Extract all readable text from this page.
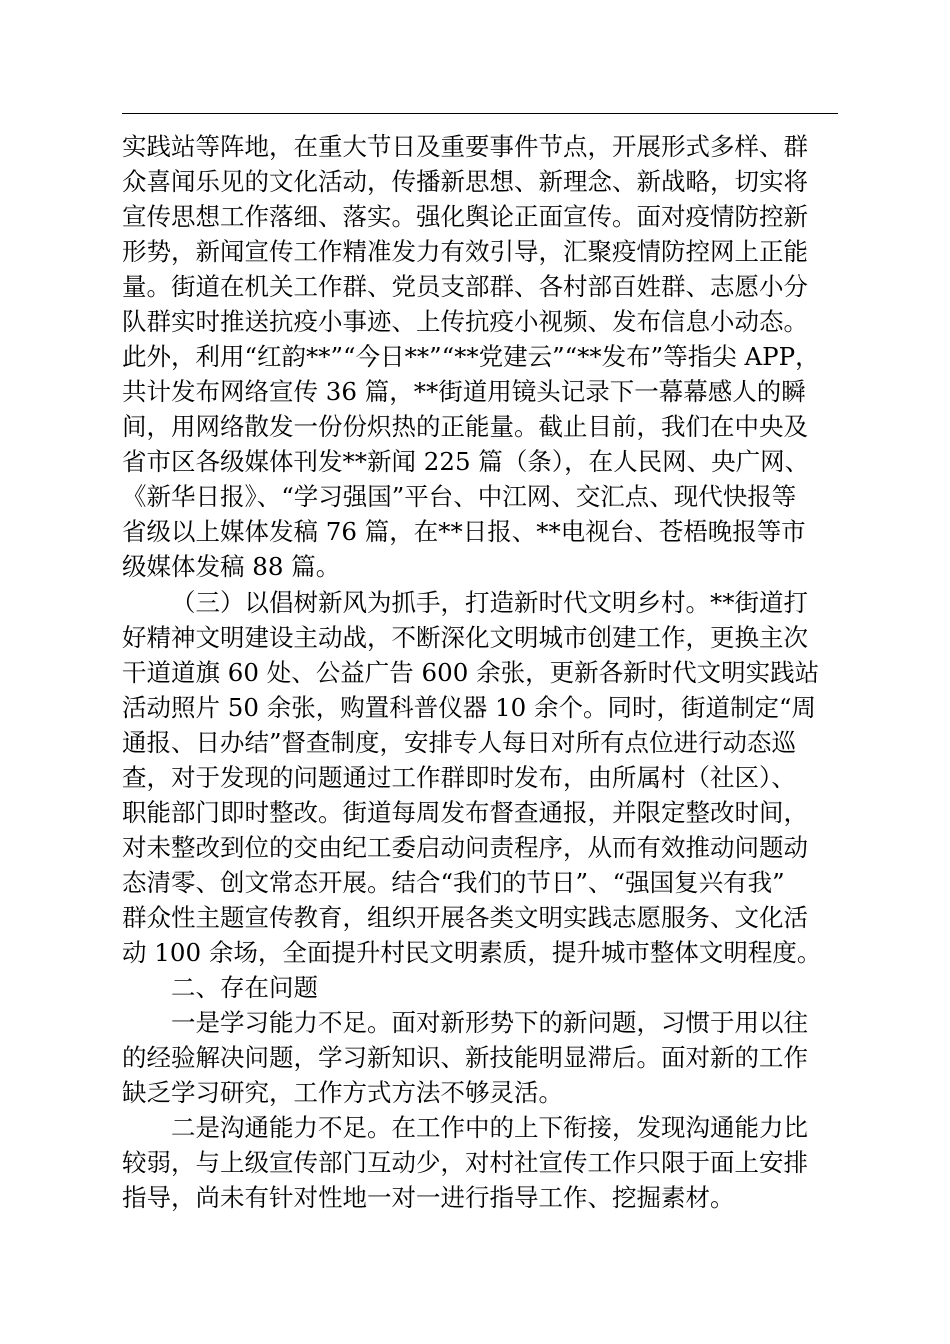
实践站等阵地，在重大节日及重要事件节点，开展形式多样、群
众喜闻乐见的文化活动，传播新思想、新理念、新战略，切实将
宣传思想工作落细、落实。强化舆论正面宣传。面对疫情防控新
形势，新闻宣传工作精准发力有效引导，汇聚疫情防控网上正能
量。街道在机关工作群、党员支部群、各村部百姓群、志愿小分
队群实时推送抗疫小事迹、上传抗疫小视频、发布信息小动态。
此外，利用“红韵**”“今日**”“**党建云”“**发布”等指尖 APP，
共计发布网络宣传 36 篇，**街道用镜头记录下一幕幕感人的瞬
间，用网络散发一份份炽热的正能量。截止目前，我们在中央及
省市区各级媒体刊发**新闻 225 篇（条），在人民网、央广网、
《新华日报》、“学习强国”平台、中江网、交汇点、现代快报等
省级以上媒体发稿 76 篇，在**日报、**电视台、苍梧晚报等市
级媒体发稿 88 篇。
（三）以倡树新风为抓手，打造新时代文明乡村。**街道打
好精神文明建设主动战，不断深化文明城市创建工作，更换主次
干道道旗 60 处、公益广告 600 余张，更新各新时代文明实践站
活动照片 50 余张，购置科普仪器 10 余个。同时，街道制定“周
通报、日办结”督查制度，安排专人每日对所有点位进行动态巡
查，对于发现的问题通过工作群即时发布，由所属村（社区）、
职能部门即时整改。街道每周发布督查通报，并限定整改时间，
对未整改到位的交由纪工委启动问责程序，从而有效推动问题动
态清零、创文常态开展。结合“我们的节日”、“强国复兴有我”
群众性主题宣传教育，组织开展各类文明实践志愿服务、文化活
动 100 余场，全面提升村民文明素质，提升城市整体文明程度。
二、存在问题
一是学习能力不足。面对新形势下的新问题，习惯于用以往
的经验解决问题，学习新知识、新技能明显滞后。面对新的工作
缺乏学习研究，工作方式方法不够灵活。
二是沟通能力不足。在工作中的上下衔接，发现沟通能力比
较弱，与上级宣传部门互动少，对村社宣传工作只限于面上安排
指导，尚未有针对性地一对一进行指导工作、挖掘素材。
